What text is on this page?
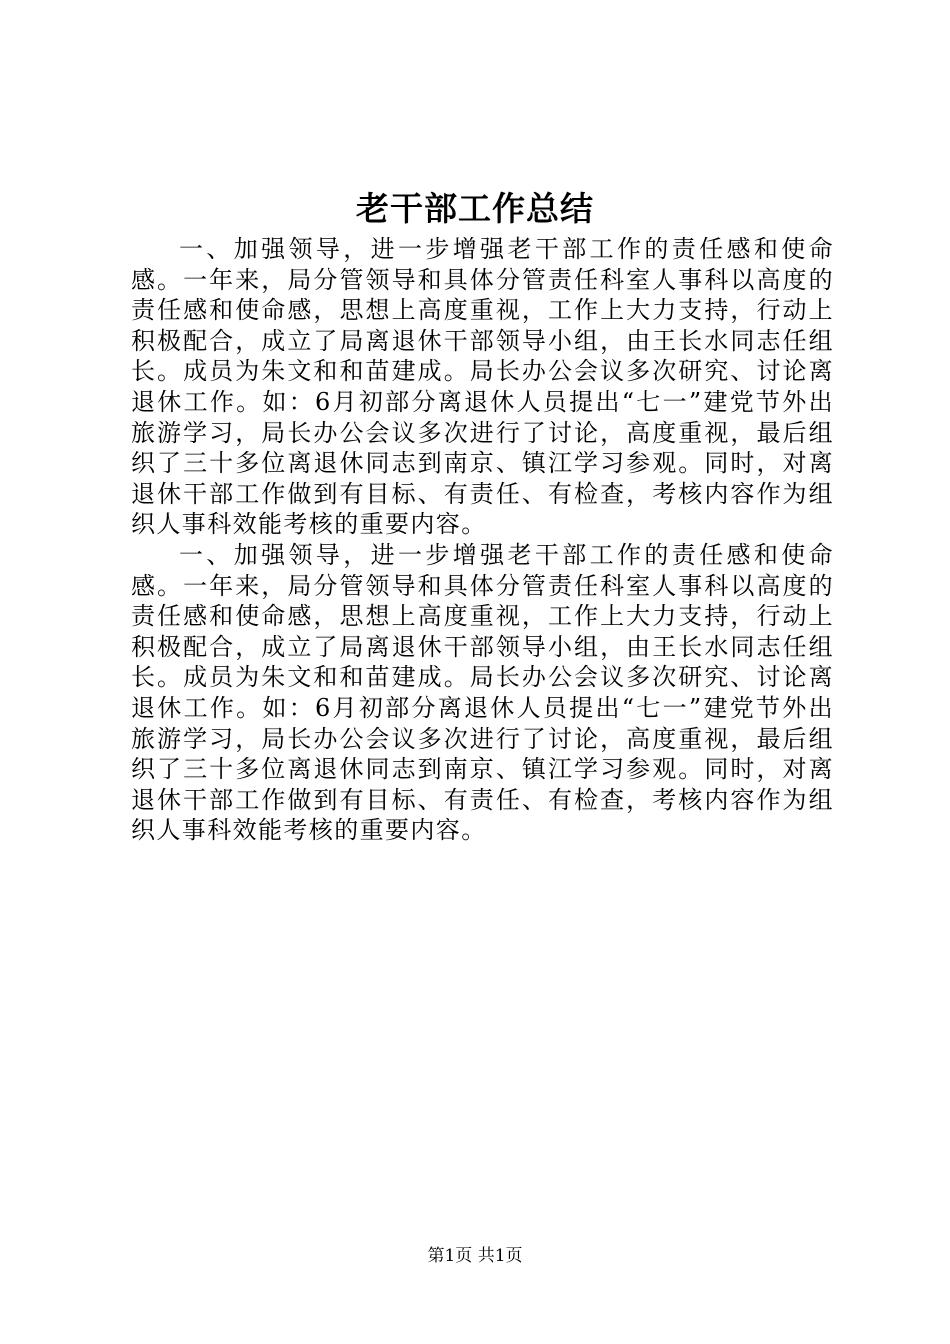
老干部工作总结

一、加强领导，进一步增强老干部工作的责任感和使命感。一年来，局分管领导和具体分管责任科室人事科以高度的责任感和使命感，思想上高度重视，工作上大力支持，行动上积极配合，成立了局离退休干部领导小组，由王长水同志任组长。成员为朱文和和苗建成。局长办公会议多次研究、讨论离退休工作。如：6月初部分离退休人员提出“七一”建党节外出旅游学习，局长办公会议多次进行了讨论，高度重视，最后组织了三十多位离退休同志到南京、镇江学习参观。同时，对离退休干部工作做到有目标、有责任、有检查，考核内容作为组织人事科效能考核的重要内容。

一、加强领导，进一步增强老干部工作的责任感和使命感。一年来，局分管领导和具体分管责任科室人事科以高度的责任感和使命感，思想上高度重视，工作上大力支持，行动上积极配合，成立了局离退休干部领导小组，由王长水同志任组长。成员为朱文和和苗建成。局长办公会议多次研究、讨论离退休工作。如：6月初部分离退休人员提出“七一”建党节外出旅游学习，局长办公会议多次进行了讨论，高度重视，最后组织了三十多位离退休同志到南京、镇江学习参观。同时，对离退休干部工作做到有目标、有责任、有检查，考核内容作为组织人事科效能考核的重要内容。

第1页 共1页
